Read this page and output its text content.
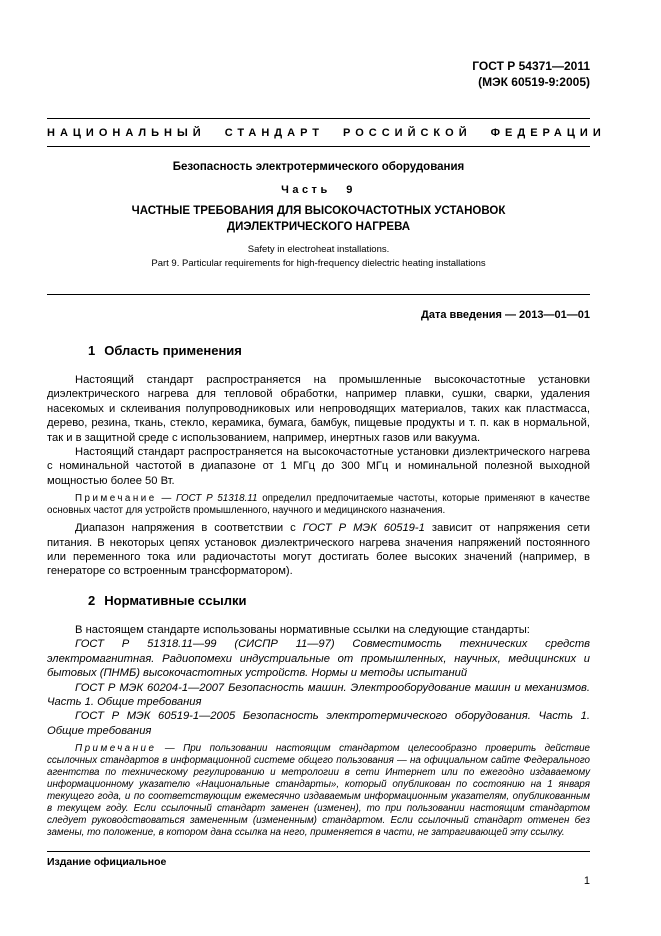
ГОСТ Р 54371—2011
(МЭК 60519-9:2005)
НАЦИОНАЛЬНЫЙ СТАНДАРТ РОССИЙСКОЙ ФЕДЕРАЦИИ
Безопасность электротермического оборудования
Часть 9
ЧАСТНЫЕ ТРЕБОВАНИЯ ДЛЯ ВЫСОКОЧАСТОТНЫХ УСТАНОВОК
ДИЭЛЕКТРИЧЕСКОГО НАГРЕВА
Safety in electroheat installations.
Part 9. Particular requirements for high-frequency dielectric heating installations
Дата введения — 2013—01—01
1 Область применения

Настоящий стандарт распространяется на промышленные высокочастотные установки диэлектрического нагрева для тепловой обработки, например плавки, сушки, сварки, удаления насекомых и склеивания полупроводниковых или непроводящих материалов, таких как пластмасса, дерево, резина, ткань, стекло, керамика, бумага, бамбук, пищевые продукты и т. п. как в нормальной, так и в защитной среде с использованием, например, инертных газов или вакуума.

Настоящий стандарт распространяется на высокочастотные установки диэлектрического нагрева с номинальной частотой в диапазоне от 1 МГц до 300 МГц и номинальной полезной выходной мощностью более 50 Вт.

Примечание — ГОСТ Р 51318.11 определил предпочитаемые частоты, которые применяют в качестве основных частот для устройств промышленного, научного и медицинского назначения.

Диапазон напряжения в соответствии с ГОСТ Р МЭК 60519-1 зависит от напряжения сети питания. В некоторых цепях установок диэлектрического нагрева значения напряжений постоянного или переменного тока или радиочастоты могут достигать более высоких значений (например, в генераторе со встроенным трансформатором).

2 Нормативные ссылки

В настоящем стандарте использованы нормативные ссылки на следующие стандарты:

ГОСТ Р 51318.11—99 (СИСПР 11—97) Совместимость технических средств электромагнитная. Радиопомехи индустриальные от промышленных, научных, медицинских и бытовых (ПНМБ) высокочастотных устройств. Нормы и методы испытаний

ГОСТ Р МЭК 60204-1—2007 Безопасность машин. Электрооборудование машин и механизмов. Часть 1. Общие требования

ГОСТ Р МЭК 60519-1—2005 Безопасность электротермического оборудования. Часть 1. Общие требования

Примечание — При пользовании настоящим стандартом целесообразно проверить действие ссылочных стандартов в информационной системе общего пользования — на официальном сайте Федерального агентства по техническому регулированию и метрологии в сети Интернет или по ежегодно издаваемому информационному указателю «Национальные стандарты», который опубликован по состоянию на 1 января текущего года, и по соответствующим ежемесячно издаваемым информационным указателям, опубликованным в текущем году. Если ссылочный стандарт заменен (изменен), то при пользовании настоящим стандартом следует руководствоваться замененным (измененным) стандартом. Если ссылочный стандарт отменен без замены, то положение, в котором дана ссылка на него, применяется в части, не затрагивающей эту ссылку.

Издание официальное
1
